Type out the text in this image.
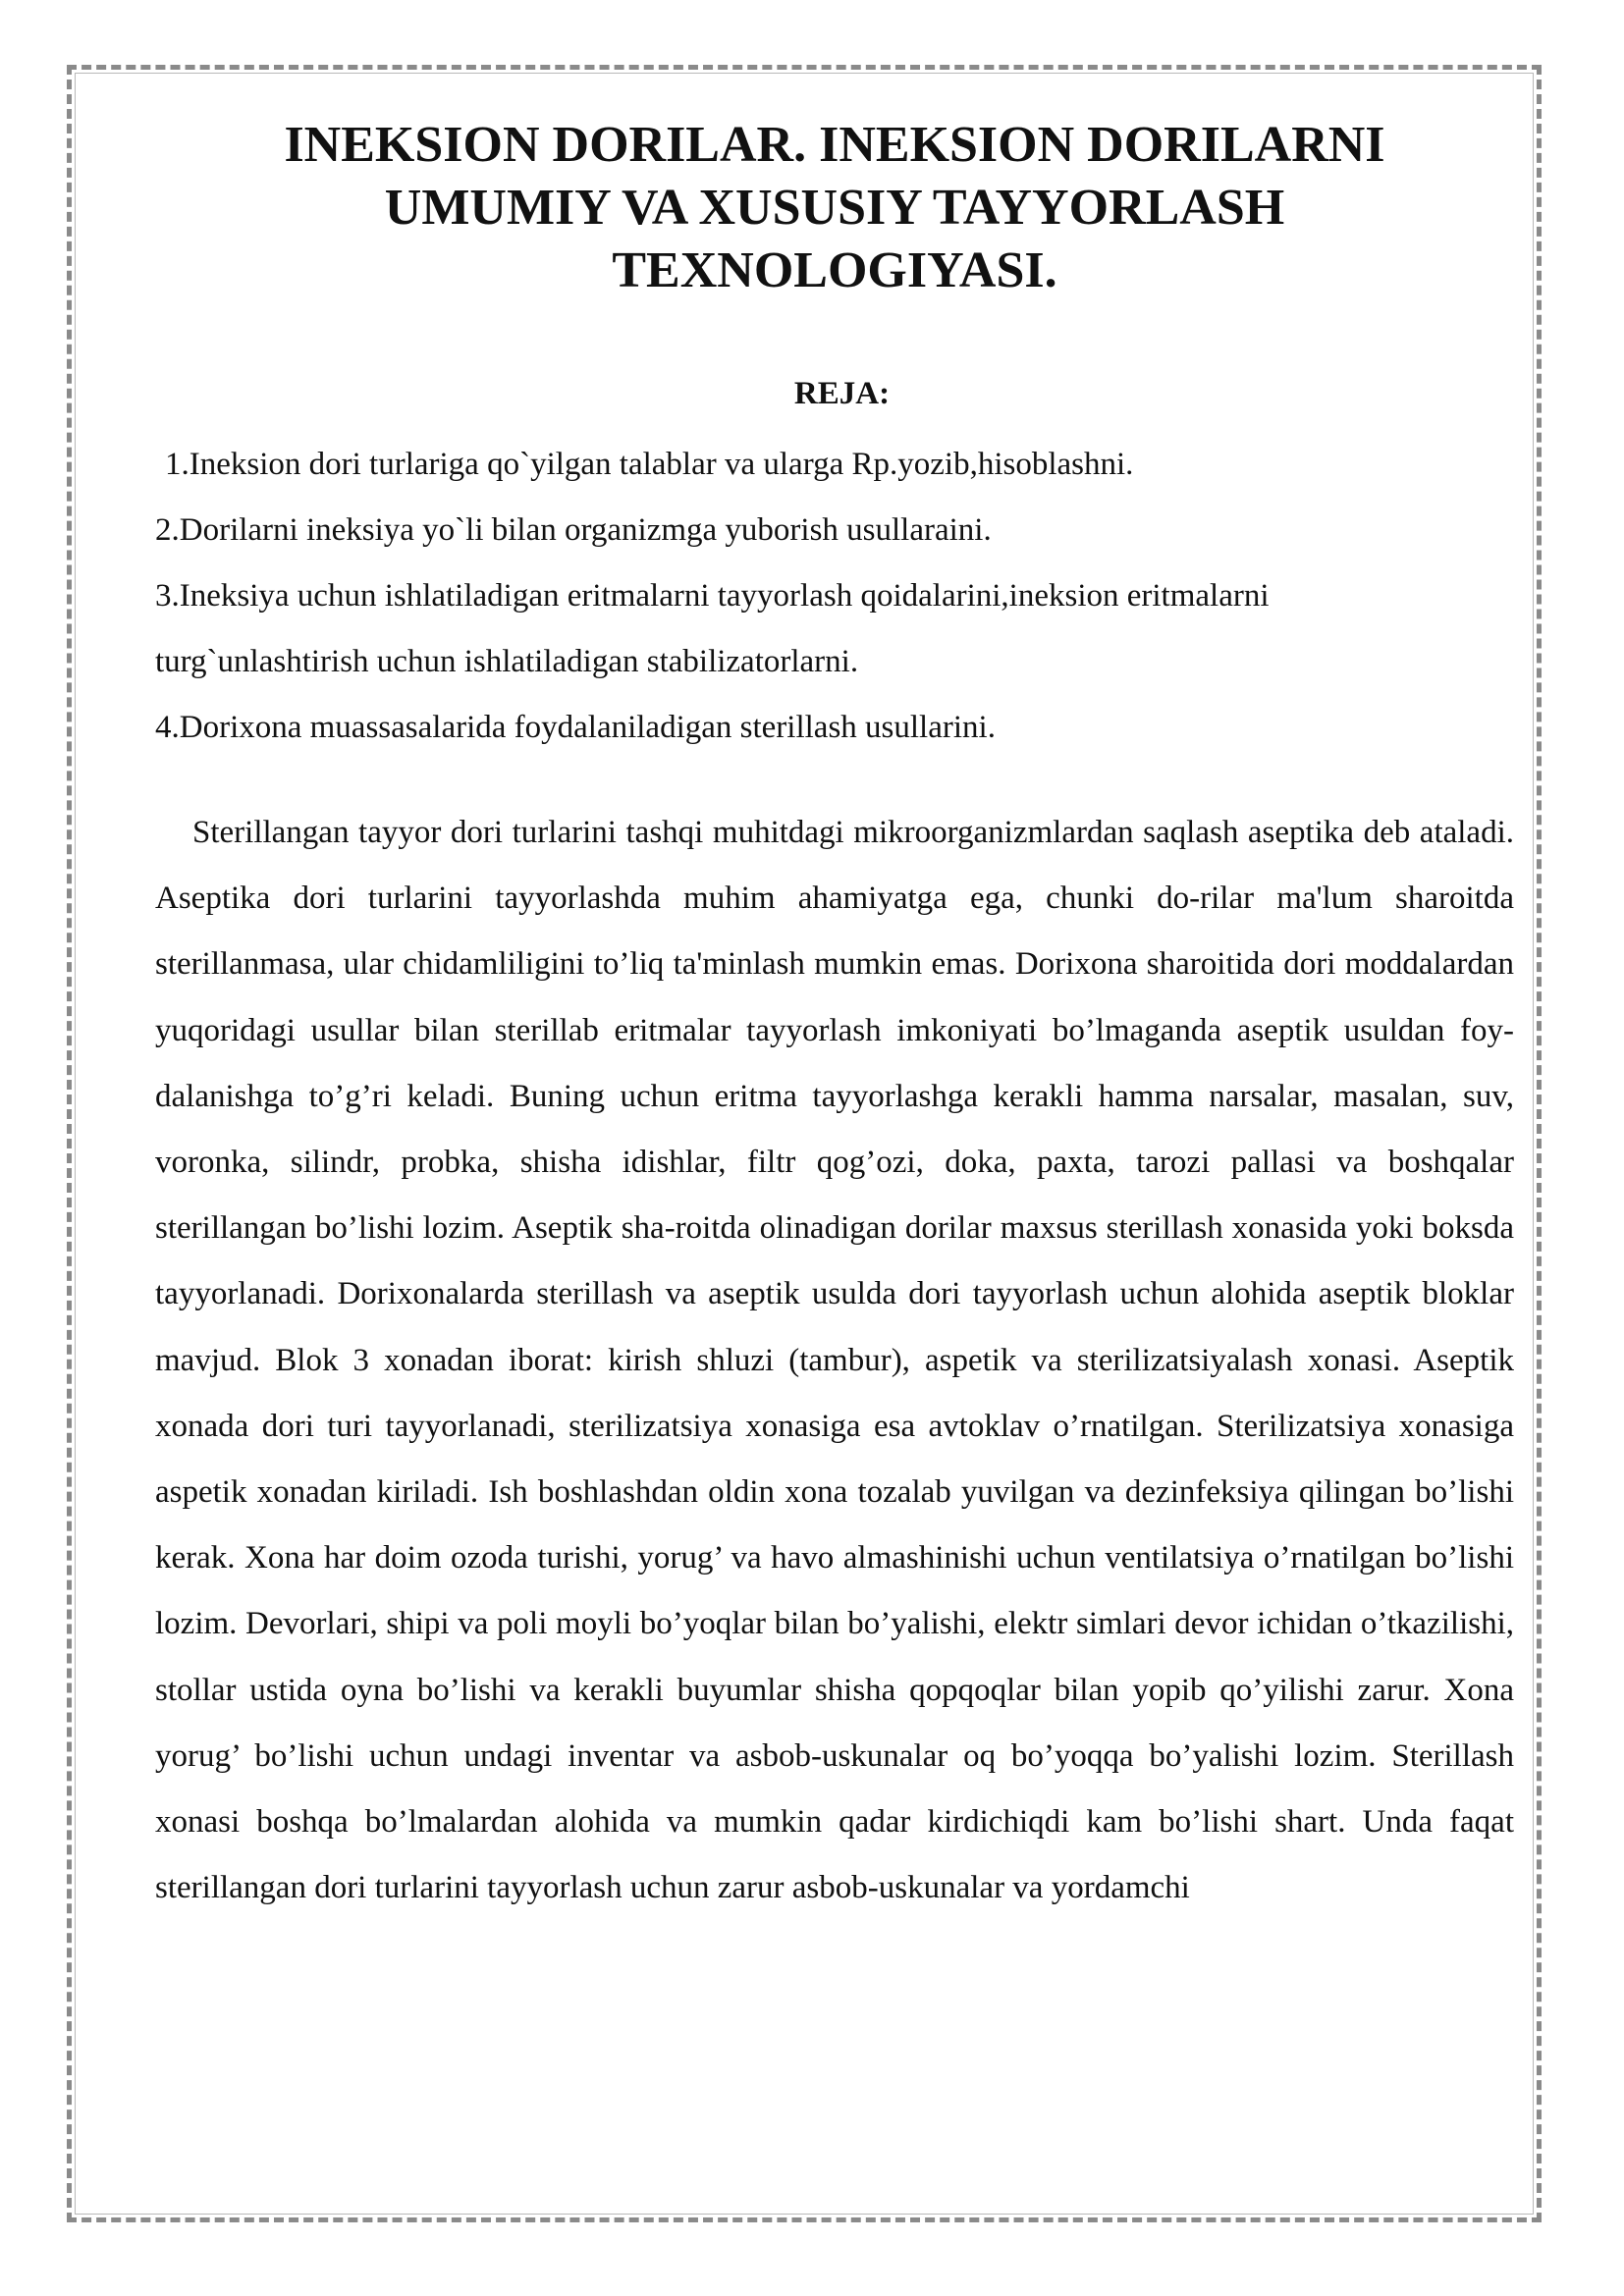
INEKSION DORILAR. INEKSION DORILARNI
UMUMIY VA XUSUSIY TAYYORLASH
TEXNOLOGIYASI.
REJA:
1.Ineksion dori turlariga qo`yilgan talablar va ularga Rp.yozib,hisoblashni.
2.Dorilarni ineksiya yo`li bilan organizmga yuborish usullaraini.
3.Ineksiya uchun ishlatiladigan eritmalarni tayyorlash qoidalarini,ineksion eritmalarni
turg`unlashtirish uchun ishlatiladigan stabilizatorlarni.
4.Dorixona muassasalarida foydalaniladigan sterillash usullarini.

Sterillangan tayyor dori turlarini tashqi muhitdagi mikroorganizmlardan saqlash aseptika deb ataladi. Aseptika dori turlarini tayyorlashda muhim ahamiyatga ega, chunki do-rilar ma'lum sharoitda sterillanmasa, ular chidamliligini to’liq ta'minlash mumkin emas. Dorixona sharoitida dori moddalardan yuqoridagi usullar bilan sterillab eritmalar tayyorlash imkoniyati bo’lmaganda aseptik usuldan foy-dalanishga to’g’ri keladi. Buning uchun eritma tayyorlashga kerakli hamma narsalar, masalan, suv, voronka, silindr, probka, shisha idishlar, filtr qog’ozi, doka, paxta, tarozi pallasi va boshqalar sterillangan bo’lishi lozim. Aseptik sha-roitda olinadigan dorilar maxsus sterillash xonasida yoki boksda tayyorlanadi. Dorixonalarda sterillash va aseptik usulda dori tayyorlash uchun alohida aseptik bloklar mavjud. Blok 3 xonadan iborat: kirish shluzi (tambur), aspetik va sterilizatsiyalash xonasi. Aseptik xonada dori turi tayyorlanadi, sterilizatsiya xonasiga esa avtoklav o’rnatilgan. Sterilizatsiya xonasiga aspetik xonadan kiriladi. Ish boshlashdan oldin xona tozalab yuvilgan va dezinfeksiya qilingan bo’lishi kerak. Xona har doim ozoda turishi, yorug’ va havo almashinishi uchun ventilatsiya o’rnatilgan bo’lishi lozim. Devorlari, shipi va poli moyli bo’yoqlar bilan bo’yalishi, elektr simlari devor ichidan o’tkazilishi, stollar ustida oyna bo’lishi va kerakli buyumlar shisha qopqoqlar bilan yopib qo’yilishi zarur. Xona yorug’ bo’lishi uchun undagi inventar va asbob-uskunalar oq bo’yoqqa bo’yalishi lozim. Sterillash xonasi boshqa bo’lmalardan alohida va mumkin qadar kirdichiqdi kam bo’lishi shart. Unda faqat sterillangan dori turlarini tayyorlash uchun zarur asbob-uskunalar va yordamchi
